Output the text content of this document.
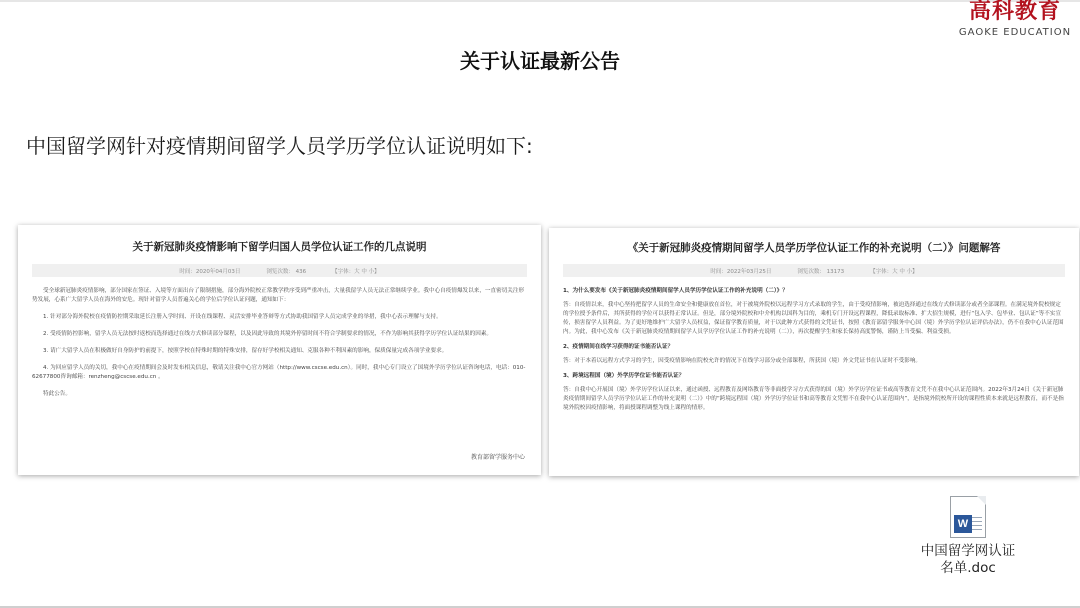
高科教育
GAOKE EDUCATION
关于认证最新公告
中国留学网针对疫情期间留学人员学历学位认证说明如下:
关于新冠肺炎疫情影响下留学归国人员学位认证工作的几点说明
时间：2020年04月03日	浏览次数： 436	【字体：大 中 小】

受全球新冠肺炎疫情影响，部分国家在签证、入境等方面出台了限制措施，部分海外院校正常教学秩序受到严重冲击，大量我留学人员无法正常继续学业。我中心自疫情爆发以来，一直密切关注形势发展，心系广大留学人员在海外的安危。现针对留学人员普遍关心的学位后学位认证问题，通知如下：

1. 针对部分海外院校在疫情防控期采取延长注册入学时间、开设在线课程、灵活安排毕业答辩等方式协助我国留学人员完成学业的举措，我中心表示理解与支持。

2. 受疫情防控影响，留学人员无法按时返校而选择通过在线方式修读部分课程，以及因此导致的其境外停留时间不符合学制要求的情况，不作为影响其获得学历学位认证结果的因素。

3. 请广大留学人员在积极做好自身防护的前提下，按照学校在特殊时期的特殊安排，留存好学校相关通知、克服各种不利因素的影响，保质保量完成各项学业要求。

4. 为回应留学人员的关切，我中心在疫情期间会及时发布相关信息，敬请关注我中心官方网站（http://www.cscse.edu.cn）。同时，我中心专门设立了国境外学历学位认证咨询电话，电话：010-62677800咨询邮箱：renzheng@cscse.edu.cn 。

特此公告。

教育部留学服务中心
《关于新冠肺炎疫情期间留学人员学历学位认证工作的补充说明（二）》问题解答
时间：2022年03月25日	浏览次数： 13173	【字体：大 中 小】

1、为什么要发布《关于新冠肺炎疫情期间留学人员学历学位认证工作的补充说明（二）》？

答：自疫情以来，我中心坚持把留学人员的生命安全和健康放在首位，对于被境外院校以远程学习方式录取的学生，由于受疫情影响，被迫选择通过在线方式修读部分或者全部课程。在满足境外院校规定的学位授予条件后，其所获得的学位可以获得正常认证。但是，部分境外院校和中介机构以国科为目的，乘机专门开设远程课程，降低录取标准、扩大招生规模，进行“包入学、包毕业、包认证”等不实宣传，损害留学人员利益。为了更好地维护广大留学人员权益，保证留学教育质量，对于以此种方式获得的文凭证书，按照《教育部留学服务中心国（境）外学历学位认证评估办法》，仍不在我中心认证范围内。为此，我中心发布《关于新冠肺炎疫情期间留学人员学历学位认证工作的补充说明（二）》，再次提醒学生和家长保持高度警惕，谨防上当受骗、利益受损。

2、疫情期间在线学习获得的证书能否认证？

答：对于本着以远程方式学习的学生，因受疫情影响在院校允许的情况下在线学习部分或全部课程，所获国（境）外文凭证书在认证时不受影响。

3、跨境远程国（境）外学历学位证书能否认证？

答：自我中心开展国（境）外学历学位认证以来，通过函授、远程教育及网络教育等非面授学习方式获得的国（境）外学历学位证书或高等教育文凭不在我中心认证范围内。2022年3月24日《关于新冠肺炎疫情期间留学人员学历学位认证工作的补充说明（二）》中的“跨境远程国（境）外学历学位证书和高等教育文凭暂不在我中心认证范围内”，是指境外院校所开设的课程性质本来就是远程教育，而不是指境外院校因疫情影响，将面授课程调整为线上课程的情形。

W
中国留学网认证名单.doc
